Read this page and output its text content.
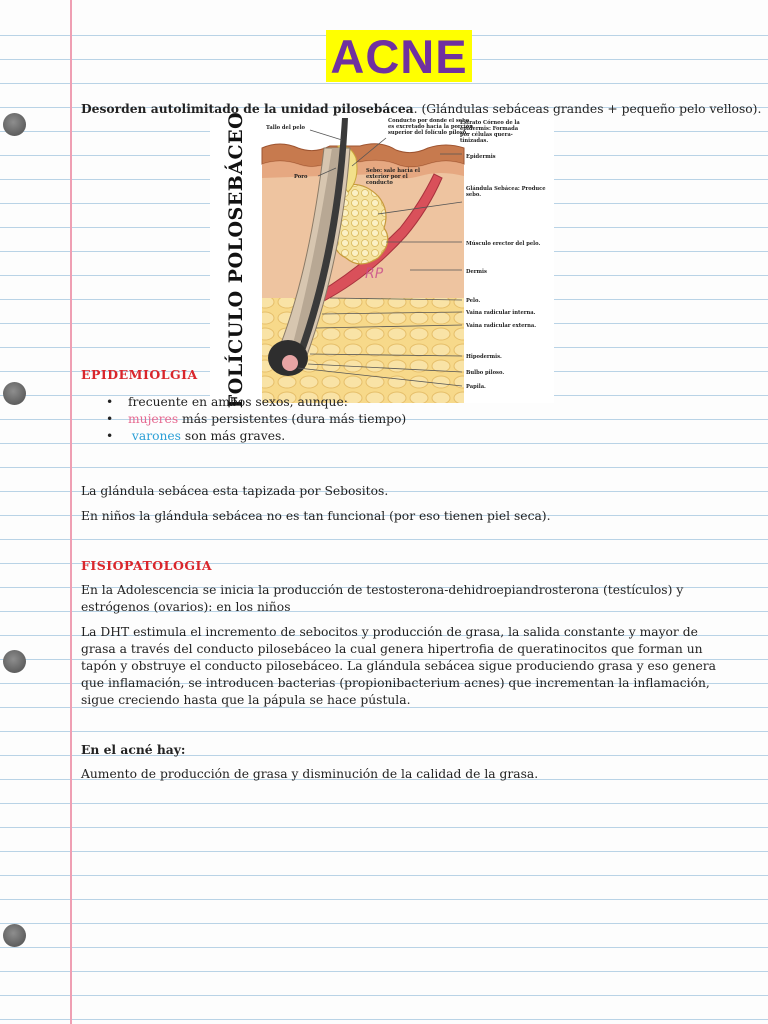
ACNE
Desorden autolimitado de la unidad pilosebácea. (Glándulas sebáceas grandes + pequeño pelo velloso).
FOLÍCULO POLOSEBÁCEO	RP
Tallo del pelo
Conducto por donde el sebo
es excretado hacia la porción
superior del folículo piloso.
Estrato Córneo de la
epidermis: Formada
por células quera-
tinizadas.
Epidermis
Poro
Sebo: sale hacia el
exterior por el
conducto
Glándula Sebácea: Produce
sebo.
Músculo erector del pelo.
Dermis
Pelo.
Vaina radicular interna.
Vaina radicular externa.
Hipodermis.
Bulbo piloso.
Papila.
EPIDEMIOLGIA
•	frecuente en ambos sexos, aunque:
•	mujeres más persistentes (dura más tiempo)
•	varones son más graves.
La glándula sebácea esta tapizada por Sebositos.
En niños la glándula sebácea no es tan funcional (por eso tienen piel seca).
FISIOPATOLOGIA
En la Adolescencia se inicia la producción de testosterona-dehidroepiandrosterona (testículos) y estrógenos (ovarios): en los niños
La DHT estimula el incremento de sebocitos y producción de grasa, la salida constante y mayor de grasa a través del conducto pilosebáceo la cual genera hipertrofia de queratinocitos que forman un tapón y obstruye el conducto pilosebáceo. La glándula sebácea sigue produciendo grasa y eso genera que inflamación, se introducen bacterias (propionibacterium acnes) que incrementan la inflamación, sigue creciendo hasta que la pápula se hace pústula.
En el acné hay:
Aumento de producción de grasa y disminución de la calidad de la grasa.
